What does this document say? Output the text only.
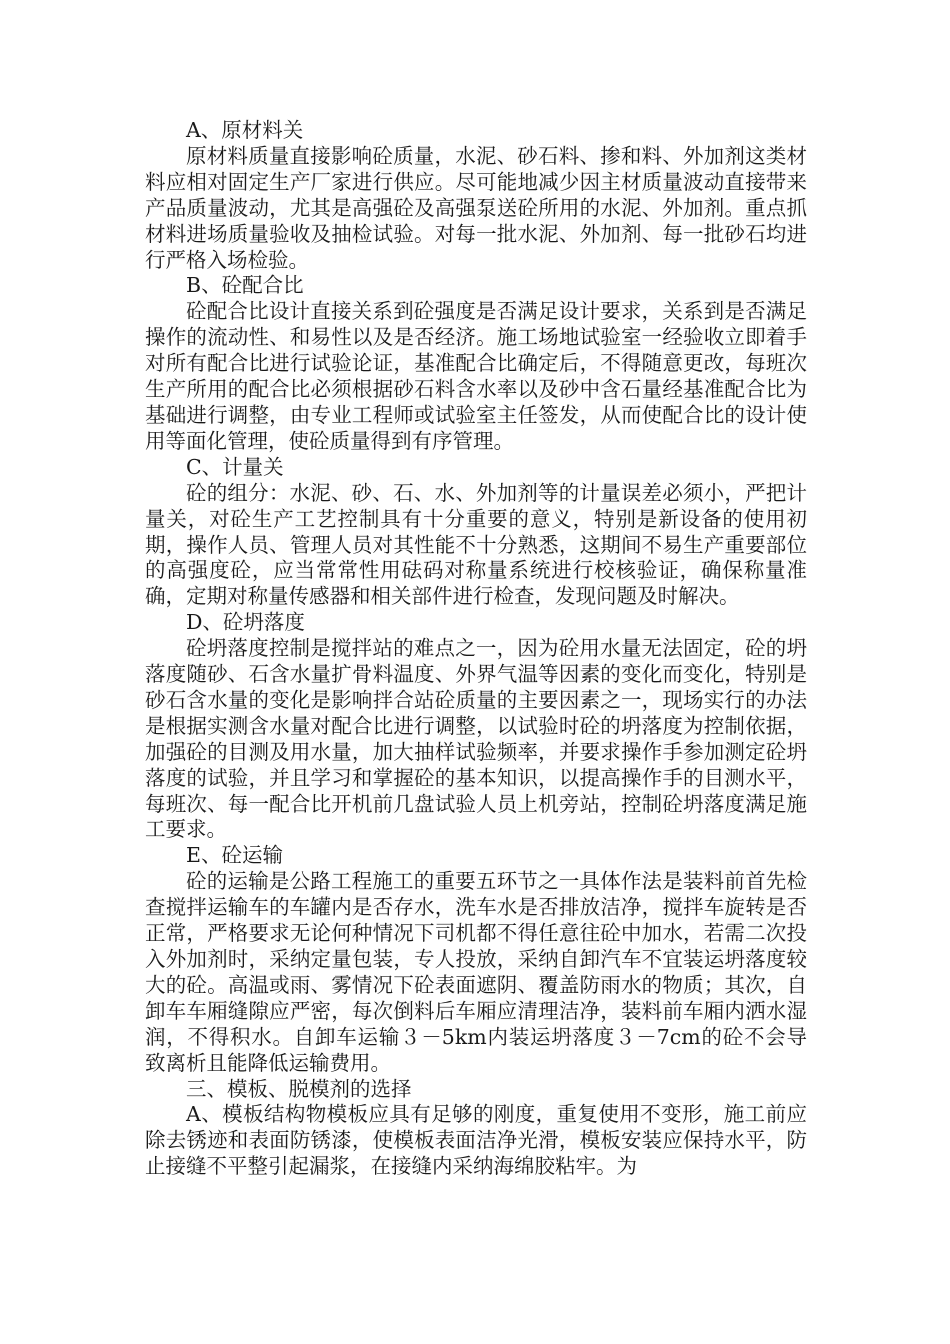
A、原材料关

原材料质量直接影响砼质量，水泥、砂石料、掺和料、外加剂这类材料应相对固定生产厂家进行供应。尽可能地减少因主材质量波动直接带来产品质量波动，尤其是高强砼及高强泵送砼所用的水泥、外加剂。重点抓材料进场质量验收及抽检试验。对每一批水泥、外加剂、每一批砂石均进行严格入场检验。

B、砼配合比

砼配合比设计直接关系到砼强度是否满足设计要求，关系到是否满足操作的流动性、和易性以及是否经济。施工场地试验室一经验收立即着手对所有配合比进行试验论证，基准配合比确定后，不得随意更改，每班次生产所用的配合比必须根据砂石料含水率以及砂中含石量经基准配合比为基础进行调整，由专业工程师或试验室主任签发，从而使配合比的设计使用等面化管理，使砼质量得到有序管理。

C、计量关

砼的组分：水泥、砂、石、水、外加剂等的计量误差必须小，严把计量关，对砼生产工艺控制具有十分重要的意义，特别是新设备的使用初期，操作人员、管理人员对其性能不十分熟悉，这期间不易生产重要部位的高强度砼，应当常常性用砝码对称量系统进行校核验证，确保称量准确，定期对称量传感器和相关部件进行检查，发现问题及时解决。

D、砼坍落度

砼坍落度控制是搅拌站的难点之一，因为砼用水量无法固定，砼的坍落度随砂、石含水量扩骨料温度、外界气温等因素的变化而变化，特别是砂石含水量的变化是影响拌合站砼质量的主要因素之一，现场实行的办法是根据实测含水量对配合比进行调整，以试验时砼的坍落度为控制依据，加强砼的目测及用水量，加大抽样试验频率，并要求操作手参加测定砼坍落度的试验，并且学习和掌握砼的基本知识，以提高操作手的目测水平，每班次、每一配合比开机前几盘试验人员上机旁站，控制砼坍落度满足施工要求。

E、砼运输

砼的运输是公路工程施工的重要五环节之一具体作法是装料前首先检查搅拌运输车的车罐内是否存水，洗车水是否排放洁净，搅拌车旋转是否正常，严格要求无论何种情况下司机都不得任意往砼中加水，若需二次投入外加剂时，采纳定量包装，专人投放，采纳自卸汽车不宜装运坍落度较大的砼。高温或雨、雾情况下砼表面遮阴、覆盖防雨水的物质；其次，自卸车车厢缝隙应严密，每次倒料后车厢应清理洁净，装料前车厢内洒水湿润，不得积水。自卸车运输３－5km内装运坍落度３－7cm的砼不会导致离析且能降低运输费用。

三、模板、脱模剂的选择

A、模板结构物模板应具有足够的刚度，重复使用不变形，施工前应除去锈迹和表面防锈漆，使模板表面洁净光滑，模板安装应保持水平，防止接缝不平整引起漏浆，在接缝内采纳海绵胶粘牢。为
